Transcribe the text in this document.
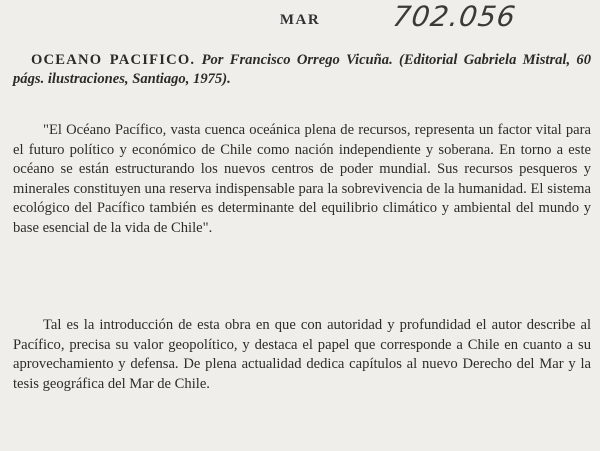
MAR	702.056
OCEANO PACIFICO. Por Francisco Orrego Vicuña. (Editorial Gabriela Mistral, 60 págs. ilustraciones, Santiago, 1975).

"El Océano Pacífico, vasta cuenca oceánica plena de recursos, representa un factor vital para el futuro político y económico de Chile como nación independiente y soberana. En torno a este océano se están estructurando los nuevos centros de poder mundial. Sus recursos pesqueros y minerales constituyen una reserva indispensable para la sobrevivencia de la humanidad. El sistema ecológico del Pacífico también es determinante del equilibrio climático y ambiental del mundo y base esencial de la vida de Chile".

Tal es la introducción de esta obra en que con autoridad y profundidad el autor describe al Pacífico, precisa su valor geopolítico, y destaca el papel que corresponde a Chile en cuanto a su aprovechamiento y defensa. De plena actualidad dedica capítulos al nuevo Derecho del Mar y la tesis geográfica del Mar de Chile.
